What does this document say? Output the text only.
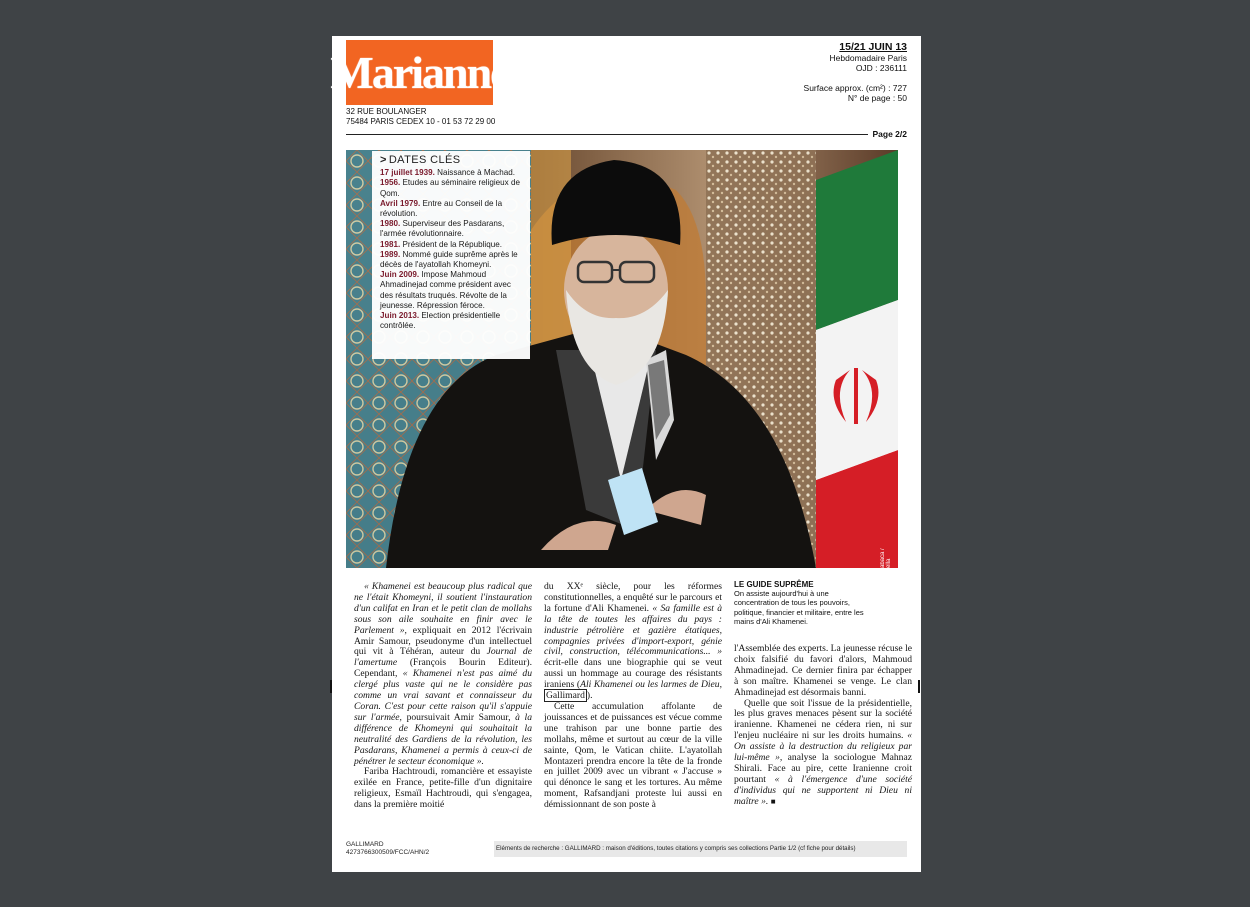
Marianne
32 RUE BOULANGER
75484 PARIS CEDEX 10 - 01 53 72 29 00
15/21 JUIN 13
Hebdomadaire Paris
OJD : 236111
Surface approx. (cm²) : 727
N° de page : 50
Page 2/2
abaca / ella
> DATES CLÉS
17 juillet 1939. Naissance à Machad.
1956. Etudes au séminaire religieux de Qom.
Avril 1979. Entre au Conseil de la révolution.
1980. Superviseur des Pasdarans, l'armée révolutionnaire.
1981. Président de la République.
1989. Nommé guide suprême après le décès de l'ayatollah Khomeyni.
Juin 2009. Impose Mahmoud Ahmadinejad comme président avec des résultats truqués. Révolte de la jeunesse. Répression féroce.
Juin 2013. Election présidentielle contrôlée.

« Khamenei est beaucoup plus radical que ne l'était Khomeyni, il soutient l'instauration d'un califat en Iran et le petit clan de mollahs sous son aile souhaite en finir avec le Parlement », expliquait en 2012 l'écrivain Amir Samour, pseudonyme d'un intellectuel qui vit à Téhéran, auteur du Journal de l'amertume (François Bourin Editeur). Cependant, « Khamenei n'est pas aimé du clergé plus vaste qui ne le considère pas comme un vrai savant et connaisseur du Coran. C'est pour cette raison qu'il s'appuie sur l'armée, poursuivait Amir Samour, à la différence de Khomeyni qui souhaitait la neutralité des Gardiens de la révolution, les Pasdarans, Khamenei a permis à ceux-ci de pénétrer le secteur économique ».

Fariba Hachtroudi, romancière et essayiste exilée en France, petite-fille d'un dignitaire religieux, Esmaïl Hachtroudi, qui s'engagea, dans la première moitié

du XXᵉ siècle, pour les réformes constitutionnelles, a enquêté sur le parcours et la fortune d'Ali Khamenei. « Sa famille est à la tête de toutes les affaires du pays : industrie pétrolière et gazière étatiques, compagnies privées d'import-export, génie civil, construction, télécommunications... » écrit-elle dans une biographie qui se veut aussi un hommage au courage des résistants iraniens (Ali Khamenei ou les larmes de Dieu, Gallimard ).

Cette accumulation affolante de jouissances et de puissances est vécue comme une trahison par une bonne partie des mollahs, même et surtout au cœur de la ville sainte, Qom, le Vatican chiite. L'ayatollah Montazeri prendra encore la tête de la fronde en juillet 2009 avec un vibrant « J'accuse » qui dénonce le sang et les tortures. Au même moment, Rafsandjani proteste lui aussi en démissionnant de son poste à

LE GUIDE SUPRÊME
On assiste aujourd'hui à une concentration de tous les pouvoirs, politique, financier et militaire, entre les mains d'Ali Khamenei.

l'Assemblée des experts. La jeunesse récuse le choix falsifié du favori d'alors, Mahmoud Ahmadinejad. Ce dernier finira par échapper à son maître. Khamenei se venge. Le clan Ahmadinejad est désormais banni.

Quelle que soit l'issue de la présidentielle, les plus graves menaces pèsent sur la société iranienne. Khamenei ne cédera rien, ni sur l'enjeu nucléaire ni sur les droits humains. « On assiste à la destruction du religieux par lui-même », analyse la sociologue Mahnaz Shirali. Face au pire, cette Iranienne croit pourtant « à l'émergence d'une société d'individus qui ne supportent ni Dieu ni maître ». ■

GALLIMARD
4273766300509/FCC/AHN/2	Eléments de recherche : GALLIMARD : maison d'éditions, toutes citations y compris ses collections Partie 1/2 (cf fiche pour détails)
